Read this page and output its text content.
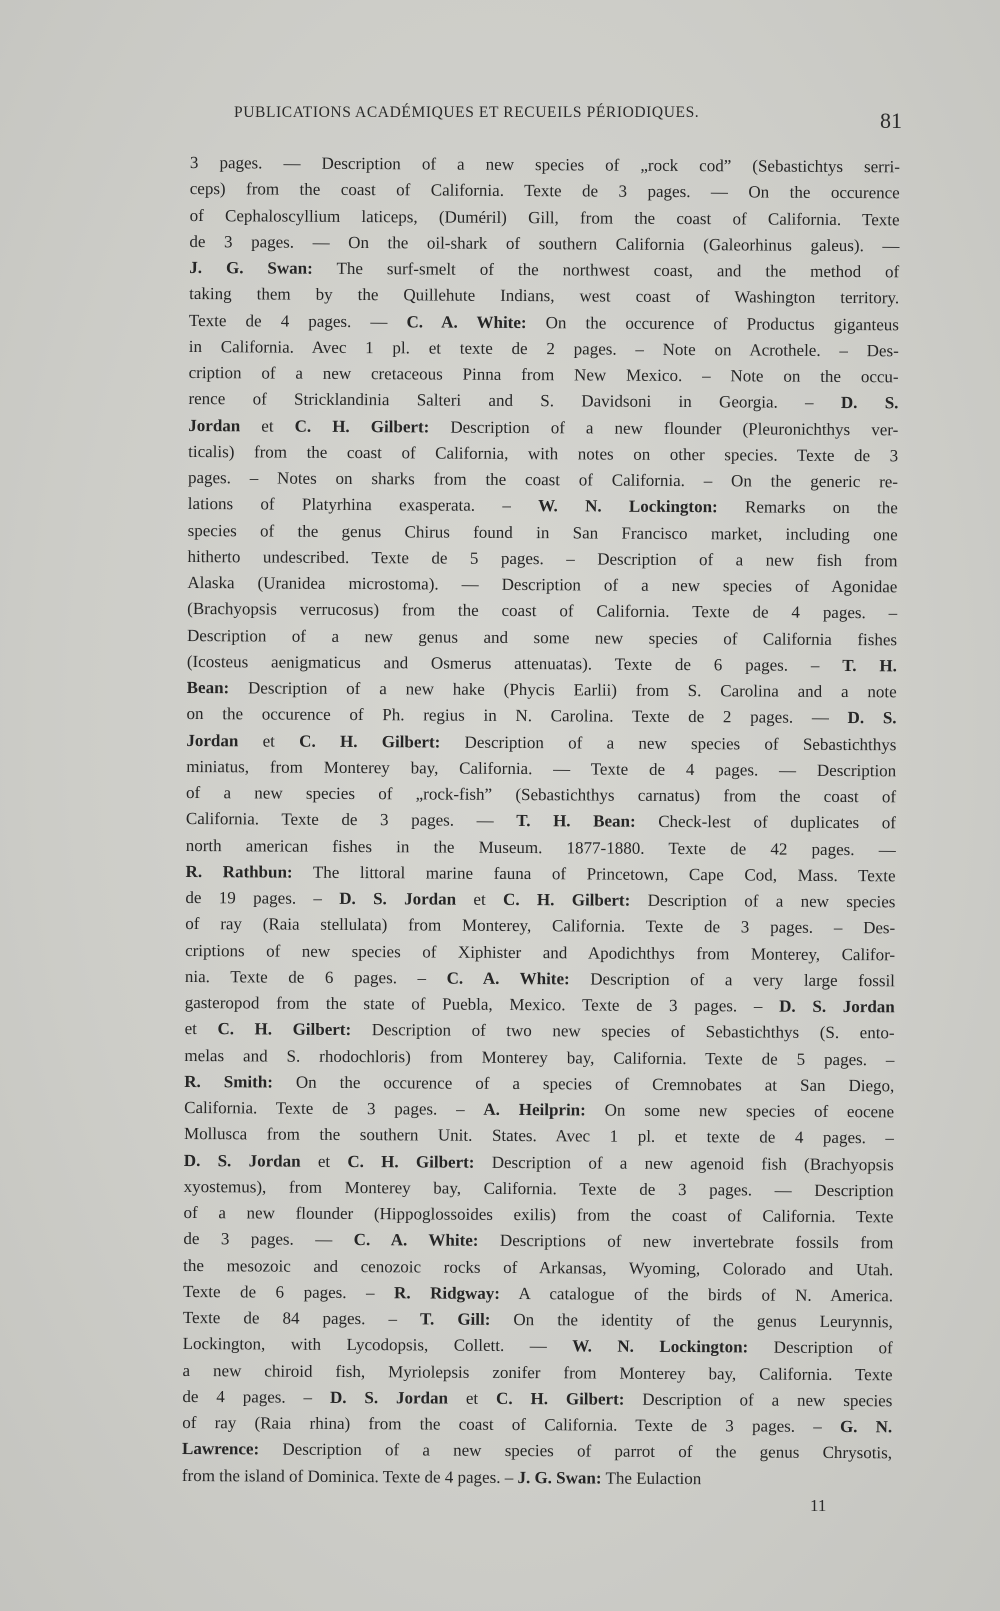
PUBLICATIONS ACADÉMIQUES ET RECUEILS PÉRIODIQUES.	81
3 pages. — Description of a new species of „rock cod” (Sebastichtys serri-
ceps) from the coast of California. Texte de 3 pages. — On the occurence
of Cephaloscyllium laticeps, (Duméril) Gill, from the coast of California. Texte
de 3 pages. — On the oil-shark of southern California (Galeorhinus galeus). —
J. G. Swan: The surf-smelt of the northwest coast, and the method of
taking them by the Quillehute Indians, west coast of Washington territory.
Texte de 4 pages. — C. A. White: On the occurence of Productus giganteus
in California. Avec 1 pl. et texte de 2 pages. – Note on Acrothele. – Des-
cription of a new cretaceous Pinna from New Mexico. – Note on the occu-
rence of Stricklandinia Salteri and S. Davidsoni in Georgia. – D. S.
Jordan et C. H. Gilbert: Description of a new flounder (Pleuronichthys ver-
ticalis) from the coast of California, with notes on other species. Texte de 3
pages. – Notes on sharks from the coast of California. – On the generic re-
lations of Platyrhina exasperata. – W. N. Lockington: Remarks on the
species of the genus Chirus found in San Francisco market, including one
hitherto undescribed. Texte de 5 pages. – Description of a new fish from
Alaska (Uranidea microstoma). — Description of a new species of Agonidae
(Brachyopsis verrucosus) from the coast of California. Texte de 4 pages. –
Description of a new genus and some new species of California fishes
(Icosteus aenigmaticus and Osmerus attenuatas). Texte de 6 pages. – T. H.
Bean: Description of a new hake (Phycis Earlii) from S. Carolina and a note
on the occurence of Ph. regius in N. Carolina. Texte de 2 pages. — D. S.
Jordan et C. H. Gilbert: Description of a new species of Sebastichthys
miniatus, from Monterey bay, California. — Texte de 4 pages. — Description
of a new species of „rock-fish” (Sebastichthys carnatus) from the coast of
California. Texte de 3 pages. — T. H. Bean: Check-lest of duplicates of
north american fishes in the Museum. 1877-1880. Texte de 42 pages. —
R. Rathbun: The littoral marine fauna of Princetown, Cape Cod, Mass. Texte
de 19 pages. – D. S. Jordan et C. H. Gilbert: Description of a new species
of ray (Raia stellulata) from Monterey, California. Texte de 3 pages. – Des-
criptions of new species of Xiphister and Apodichthys from Monterey, Califor-
nia. Texte de 6 pages. – C. A. White: Description of a very large fossil
gasteropod from the state of Puebla, Mexico. Texte de 3 pages. – D. S. Jordan
et C. H. Gilbert: Description of two new species of Sebastichthys (S. ento-
melas and S. rhodochloris) from Monterey bay, California. Texte de 5 pages. –
R. Smith: On the occurence of a species of Cremnobates at San Diego,
California. Texte de 3 pages. – A. Heilprin: On some new species of eocene
Mollusca from the southern Unit. States. Avec 1 pl. et texte de 4 pages. –
D. S. Jordan et C. H. Gilbert: Description of a new agenoid fish (Brachyopsis
xyostemus), from Monterey bay, California. Texte de 3 pages. — Description
of a new flounder (Hippoglossoides exilis) from the coast of California. Texte
de 3 pages. — C. A. White: Descriptions of new invertebrate fossils from
the mesozoic and cenozoic rocks of Arkansas, Wyoming, Colorado and Utah.
Texte de 6 pages. – R. Ridgway: A catalogue of the birds of N. America.
Texte de 84 pages. – T. Gill: On the identity of the genus Leurynnis,
Lockington, with Lycodopsis, Collett. — W. N. Lockington: Description of
a new chiroid fish, Myriolepsis zonifer from Monterey bay, California. Texte
de 4 pages. – D. S. Jordan et C. H. Gilbert: Description of a new species
of ray (Raia rhina) from the coast of California. Texte de 3 pages. – G. N.
Lawrence: Description of a new species of parrot of the genus Chrysotis,
from the island of Dominica. Texte de 4 pages. – J. G. Swan: The Eulaction
11
